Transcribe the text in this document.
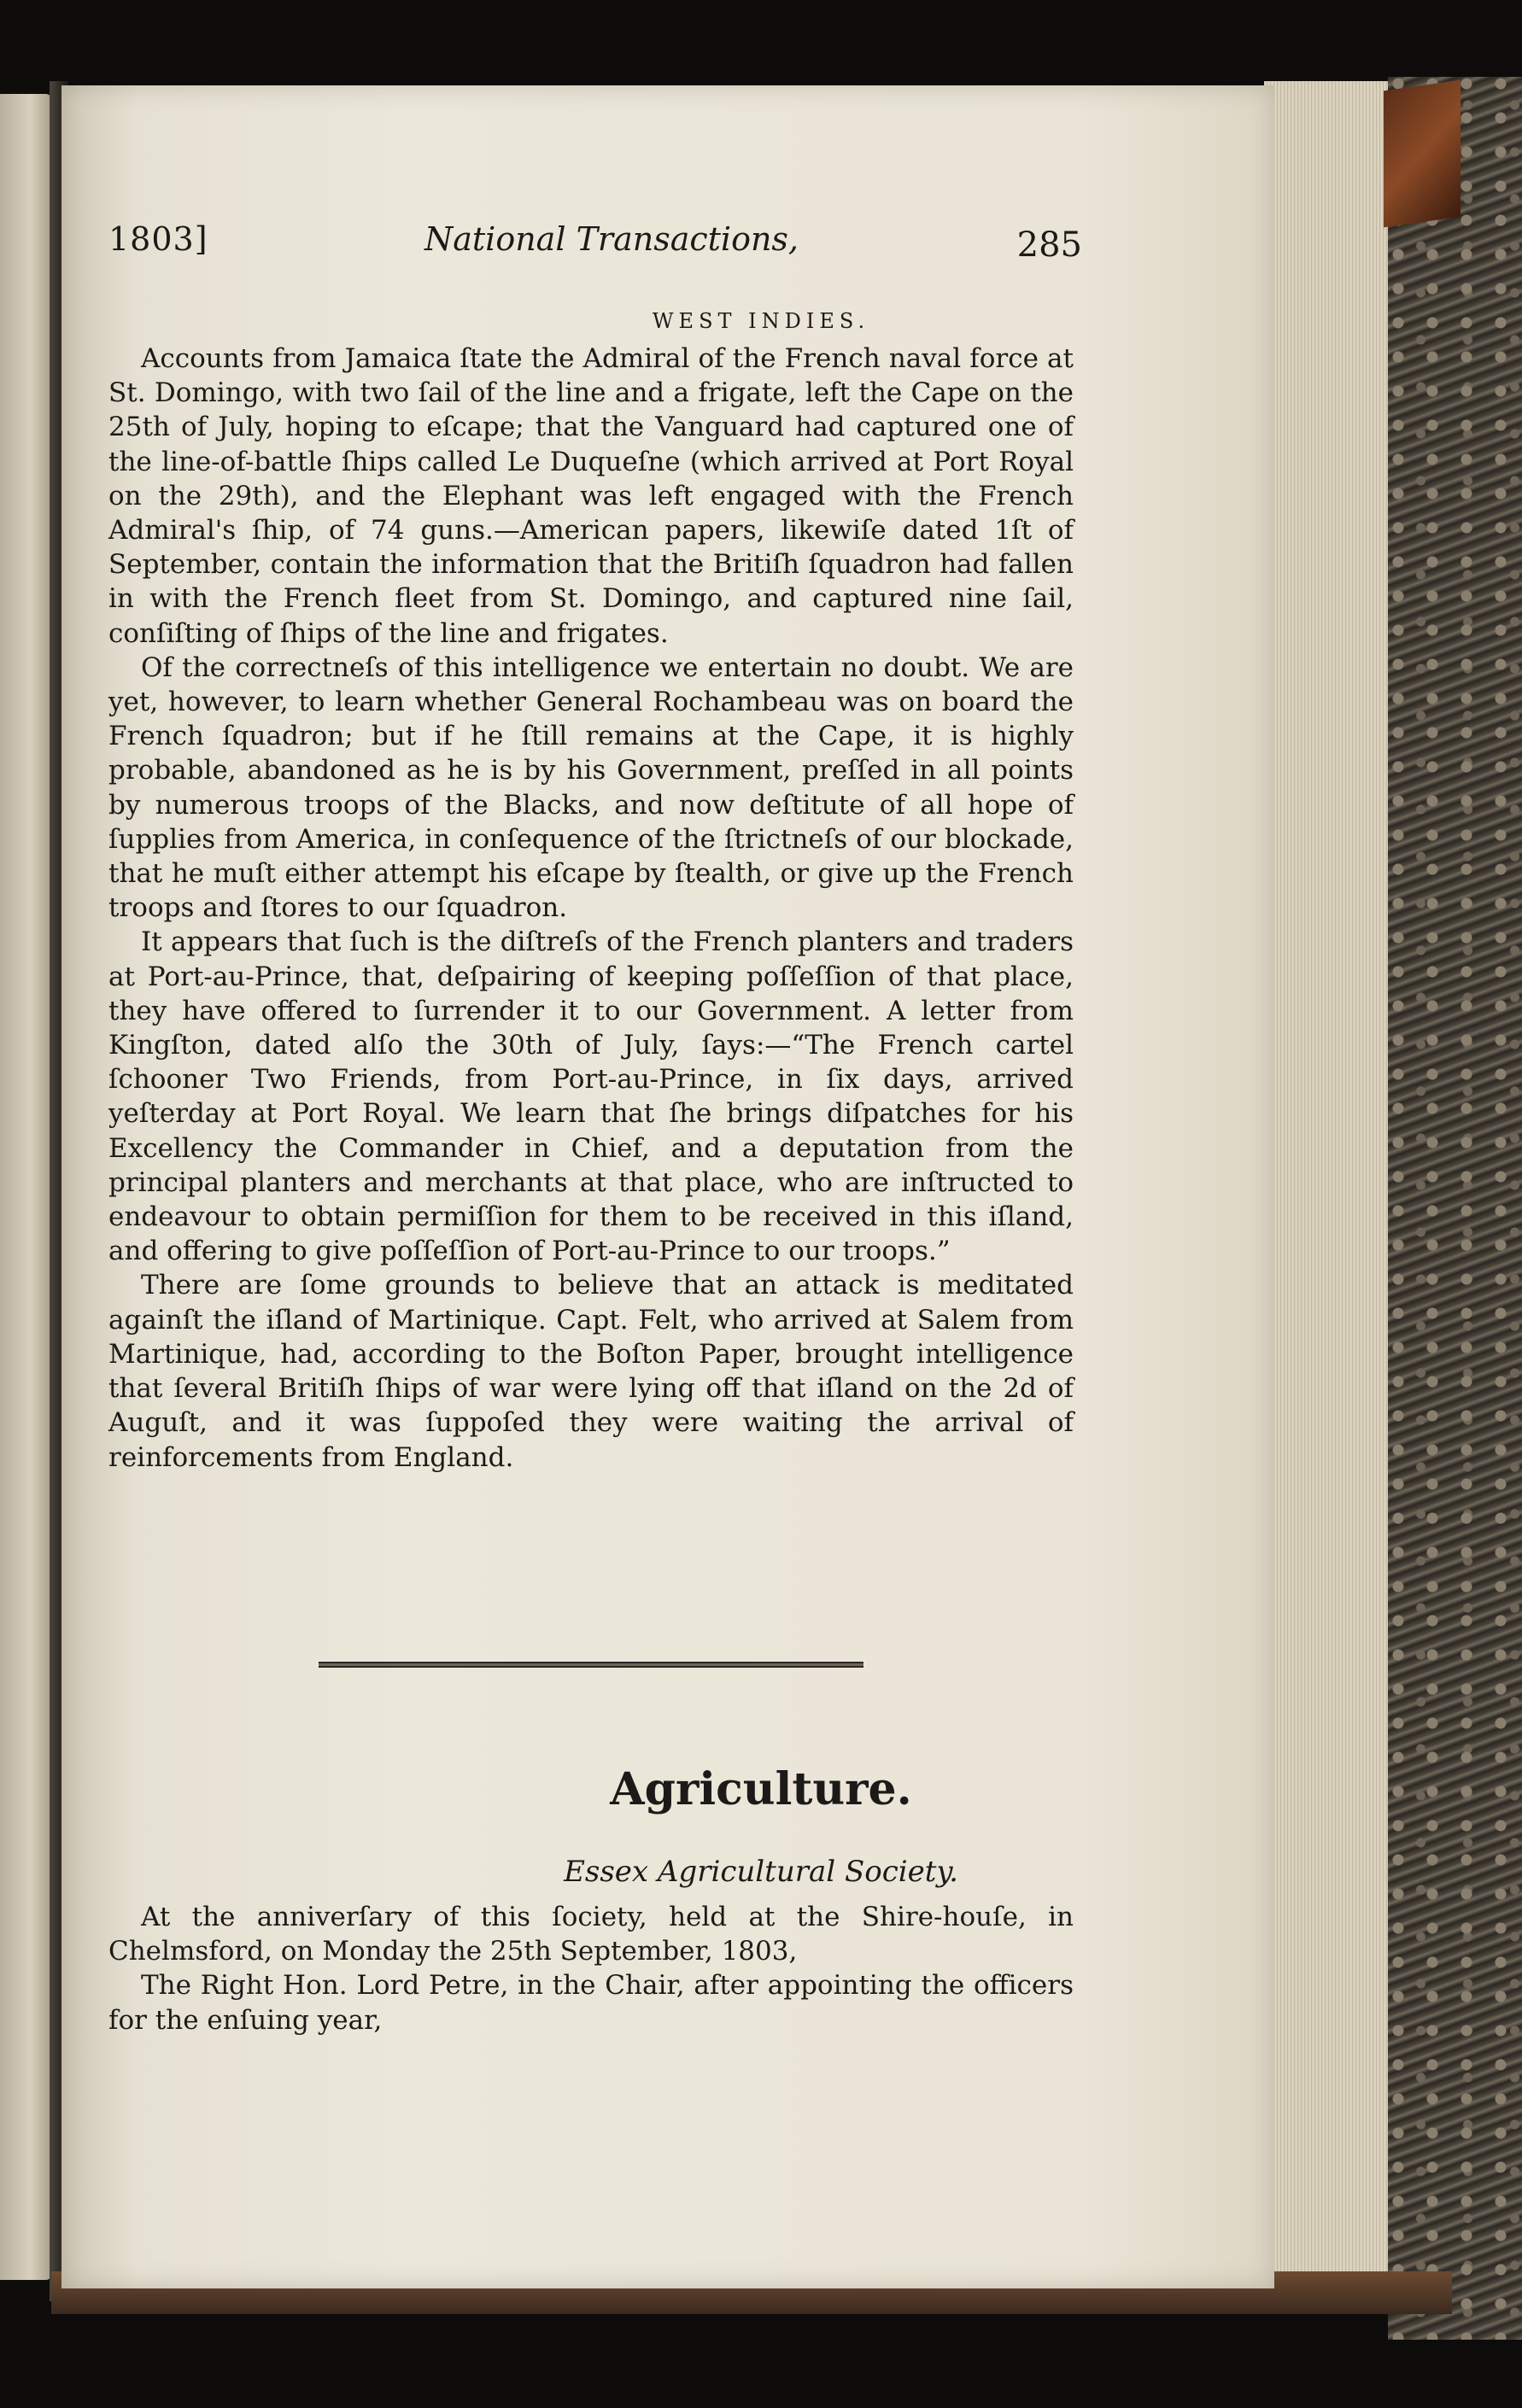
1803]	National Transactions,	285
WEST INDIES.

Accounts from Jamaica ſtate the Admiral of the French naval force at St. Domingo, with two ſail of the line and a frigate, left the Cape on the 25th of July, hoping to eſcape; that the Vanguard had captured one of the line-of-battle ſhips called Le Duqueſne (which arrived at Port Royal on the 29th), and the Elephant was left engaged with the French Admiral's ſhip, of 74 guns.—American papers, likewiſe dated 1ſt of September, contain the information that the Britiſh ſquadron had fallen in with the French fleet from St. Domingo, and captured nine ſail, conſiſting of ſhips of the line and frigates.

Of the correctneſs of this intelligence we entertain no doubt. We are yet, however, to learn whether General Rochambeau was on board the French ſquadron; but if he ſtill remains at the Cape, it is highly probable, abandoned as he is by his Government, preſſed in all points by numerous troops of the Blacks, and now deſtitute of all hope of ſupplies from America, in conſequence of the ſtrictneſs of our blockade, that he muſt either attempt his eſcape by ſtealth, or give up the French troops and ſtores to our ſquadron.

It appears that ſuch is the diſtreſs of the French planters and traders at Port-au-Prince, that, deſpairing of keeping poſſeſſion of that place, they have offered to ſurrender it to our Government. A letter from Kingſton, dated alſo the 30th of July, ſays:—“The French cartel ſchooner Two Friends, from Port-au-Prince, in ſix days, arrived yeſterday at Port Royal. We learn that ſhe brings diſpatches for his Excellency the Commander in Chief, and a deputation from the principal planters and merchants at that place, who are inſtructed to endeavour to obtain permiſſion for them to be received in this iſland, and offering to give poſſeſſion of Port-au-Prince to our troops.”

There are ſome grounds to believe that an attack is meditated againſt the iſland of Martinique. Capt. Felt, who arrived at Salem from Martinique, had, according to the Boſton Paper, brought intelligence that ſeveral Britiſh ſhips of war were lying off that iſland on the 2d of Auguſt, and it was ſuppoſed they were waiting the arrival of reinforcements from England.

Agriculture.
Essex Agricultural Society.

At the anniverſary of this ſociety, held at the Shire-houſe, in Chelmsford, on Monday the 25th September, 1803,

The Right Hon. Lord Petre, in the Chair, after appointing the officers for the enſuing year,
